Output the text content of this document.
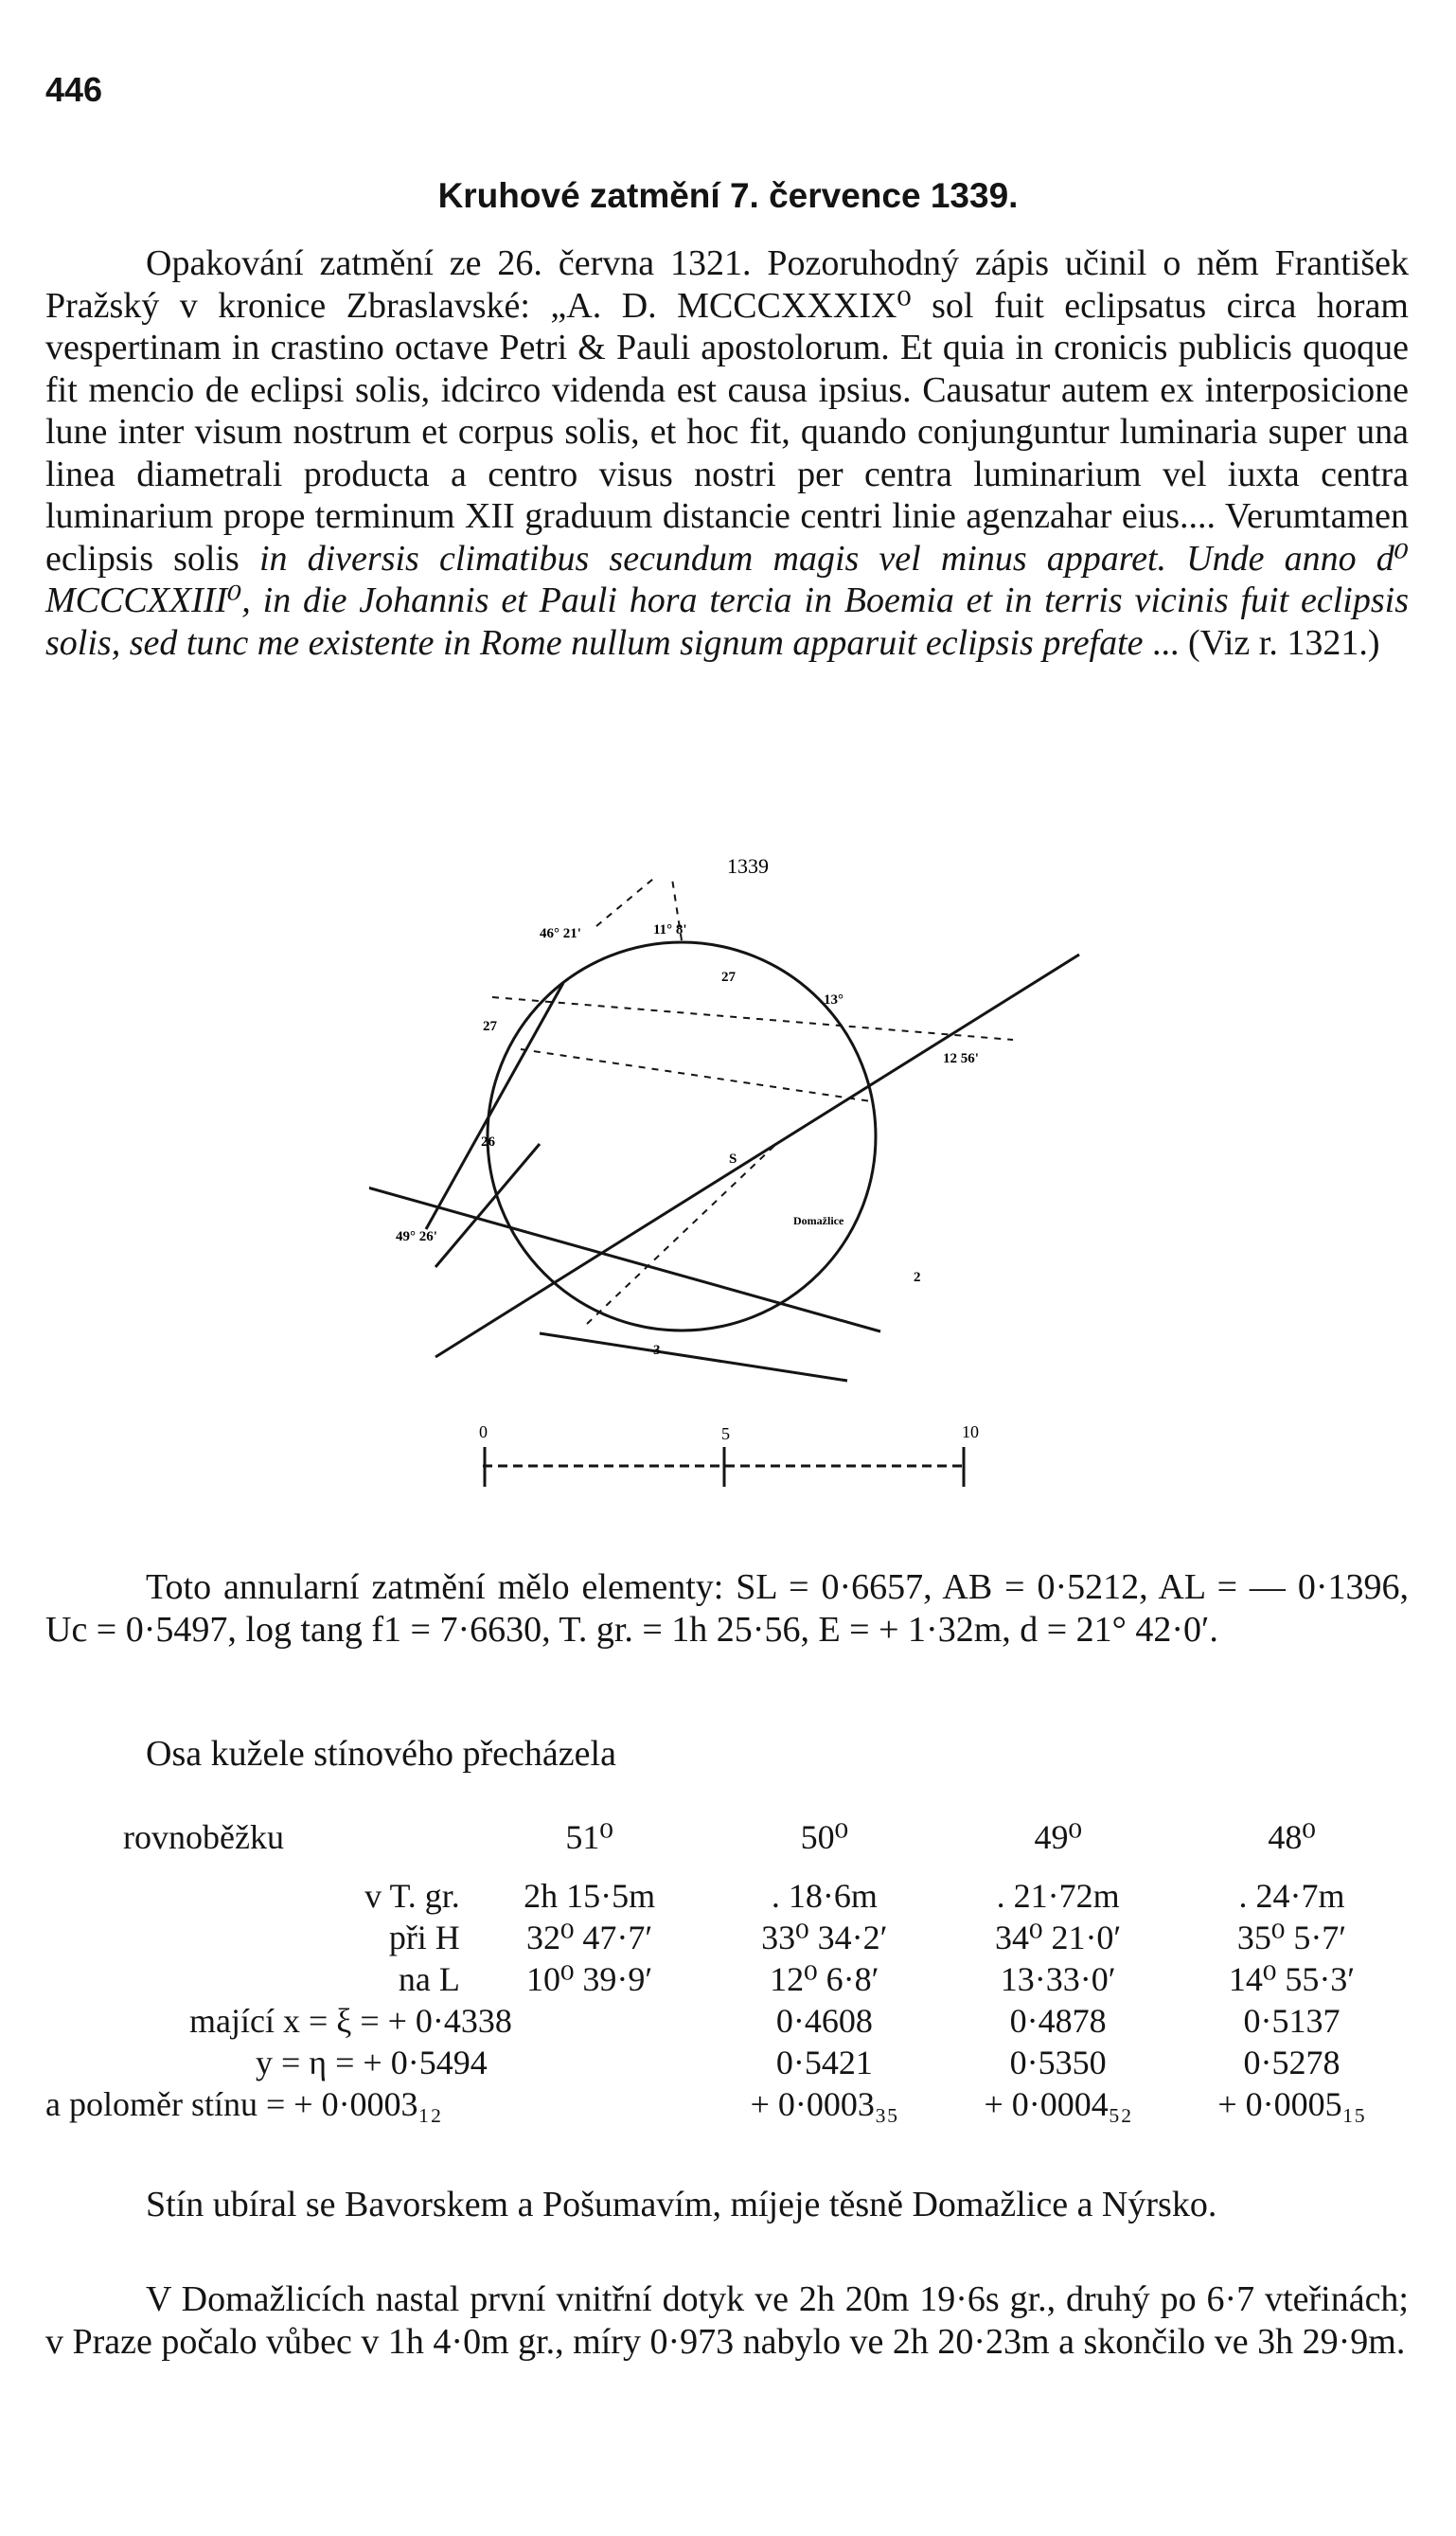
446
Kruhové zatmění 7. července 1339.
Opakování zatmění ze 26. června 1321. Pozoruhodný zápis učinil o něm František Pražský v kronice Zbraslavské: „A. D. MCCCXXXIX⁰ sol fuit eclipsatus circa horam vespertinam in crastino octave Petri & Pauli apostolorum. Et quia in cronicis publicis quoque fit mencio de eclipsi solis, idcirco videnda est causa ipsius. Causatur autem ex interposicione lune inter visum nostrum et corpus solis, et hoc fit, quando conjunguntur luminaria super una linea diametrali producta a centro visus nostri per centra luminarium vel iuxta centra luminarium prope terminum XII graduum distancie centri linie agenzahar eius.... Verumtamen eclipsis solis in diversis climatibus secundum magis vel minus apparet. Unde anno d⁰ MCCCXXIII⁰, in die Johannis et Pauli hora tercia in Boemia et in terris vicinis fuit eclipsis solis, sed tunc me existente in Rome nullum signum apparuit eclipsis prefate ... (Viz r. 1321.)
1339
46° 21'	11° 8'
27
13°
12 56'
27
26
49° 26'
S
Domažlice
2
3
0	5	10
Toto annularní zatmění mělo elementy: SL = 0·6657, AB = 0·5212, AL = — 0·1396, Uc = 0·5497, log tang f1 = 7·6630, T. gr. = 1h 25·56, E = + 1·32m, d = 21° 42·0′.
Osa kužele stínového přecházela
rovnoběžku	51⁰	50⁰	49⁰	48⁰

v T. gr.	2h 15·5m	. 18·6m	. 21·72m	. 24·7m
při H	32⁰ 47·7′	33⁰ 34·2′	34⁰ 21·0′	35⁰ 5·7′
na L	10⁰ 39·9′	12⁰ 6·8′	13·33·0′	14⁰ 55·3′
mající x = ξ = + 0·4338		0·4608	0·4878	0·5137
y = η = + 0·5494		0·5421	0·5350	0·5278
a poloměr stínu = + 0·0003₁₂		+ 0·0003₃₅	+ 0·0004₅₂	+ 0·0005₁₅
Stín ubíral se Bavorskem a Pošumavím, míjeje těsně Domažlice a Nýrsko.
V Domažlicích nastal první vnitřní dotyk ve 2h 20m 19·6s gr., druhý po 6·7 vteřinách; v Praze počalo vůbec v 1h 4·0m gr., míry 0·973 nabylo ve 2h 20·23m a skončilo ve 3h 29·9m.
